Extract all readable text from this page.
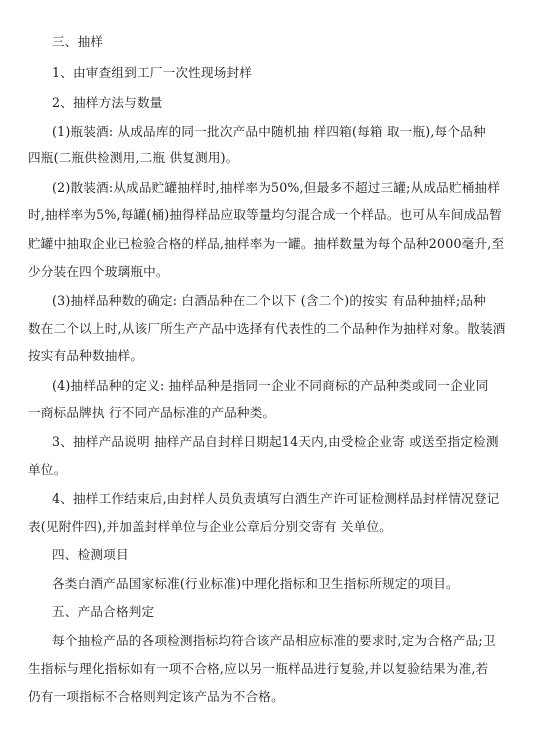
三、抽样
1、由审查组到工厂一次性现场封样
2、抽样方法与数量
(1)瓶装酒: 从成品库的同一批次产品中随机抽 样四箱(每箱 取一瓶),每个品种
四瓶(二瓶供检测用,二瓶 供复测用)。
(2)散装酒:从成品贮罐抽样时,抽样率为50%,但最多不超过三罐;从成品贮桶抽样
时,抽样率为5%,每罐(桶)抽得样品应取等量均匀混合成一个样品。也可从车间成品暂
贮罐中抽取企业已检验合格的样品,抽样率为一罐。抽样数量为每个品种2000毫升,至
少分装在四个玻璃瓶中。
(3)抽样品种数的确定: 白酒品种在二个以下 (含二个)的按实 有品种抽样;品种
数在二个以上时,从该厂所生产产品中选择有代表性的二个品种作为抽样对象。散装酒
按实有品种数抽样。
(4)抽样品种的定义: 抽样品种是指同一企业不同商标的产品种类或同一企业同
一商标品牌执 行不同产品标准的产品种类。
3、抽样产品说明 抽样产品自封样日期起14天内,由受检企业寄 或送至指定检测
单位。
4、抽样工作结束后,由封样人员负责填写白酒生产许可证检测样品封样情况登记
表(见附件四),并加盖封样单位与企业公章后分别交寄有 关单位。
四、检测项目
各类白酒产品国家标准(行业标准)中理化指标和卫生指标所规定的项目。
五、产品合格判定
每个抽检产品的各项检测指标均符合该产品相应标准的要求时,定为合格产品;卫
生指标与理化指标如有一项不合格,应以另一瓶样品进行复验,并以复验结果为准,若
仍有一项指标不合格则判定该产品为不合格。
